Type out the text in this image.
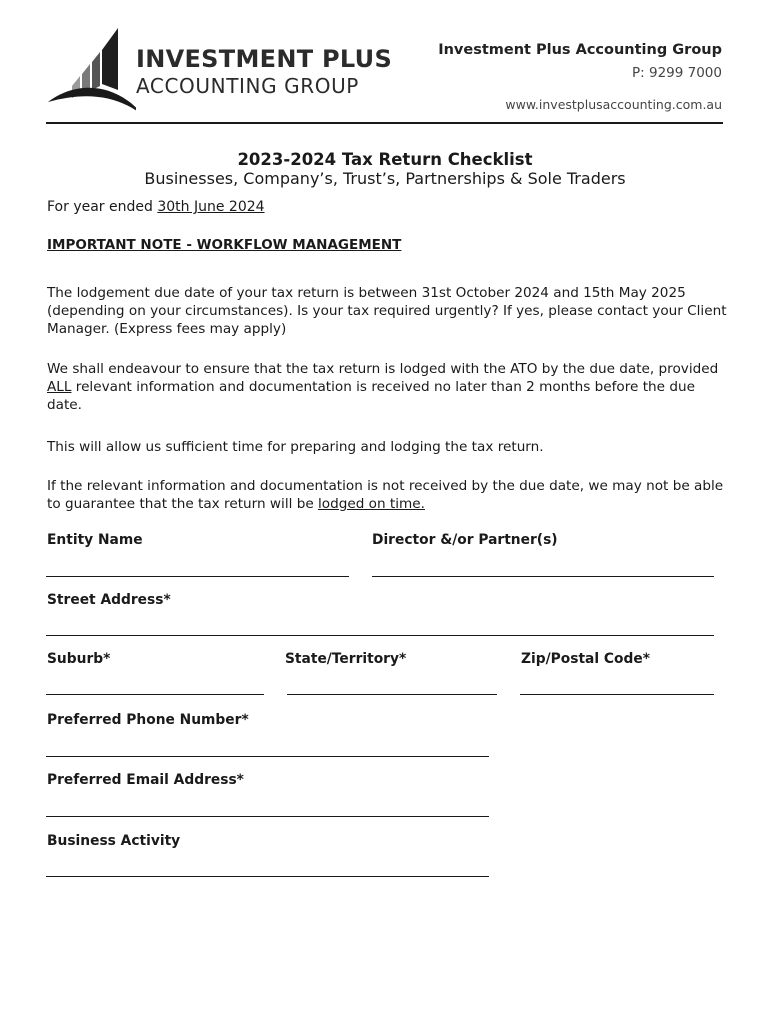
INVESTMENT PLUS
ACCOUNTING GROUP
Investment Plus Accounting Group
P: 9299 7000
www.investplusaccounting.com.au
2023-2024 Tax Return Checklist
Businesses, Company’s, Trust’s, Partnerships & Sole Traders
For year ended 30th June 2024
IMPORTANT NOTE - WORKFLOW MANAGEMENT
The lodgement due date of your tax return is between 31st October 2024 and 15th May 2025 (depending on your circumstances). Is your tax required urgently? If yes, please contact your Client Manager. (Express fees may apply)
We shall endeavour to ensure that the tax return is lodged with the ATO by the due date, provided ALL relevant information and documentation is received no later than 2 months before the due date.
This will allow us sufficient time for preparing and lodging the tax return.
If the relevant information and documentation is not received by the due date, we may not be able to guarantee that the tax return will be lodged on time.
Entity Name	Director &/or Partner(s)
Street Address*
Suburb*	State/Territory*	Zip/Postal Code*
Preferred Phone Number*
Preferred Email Address*
Business Activity
